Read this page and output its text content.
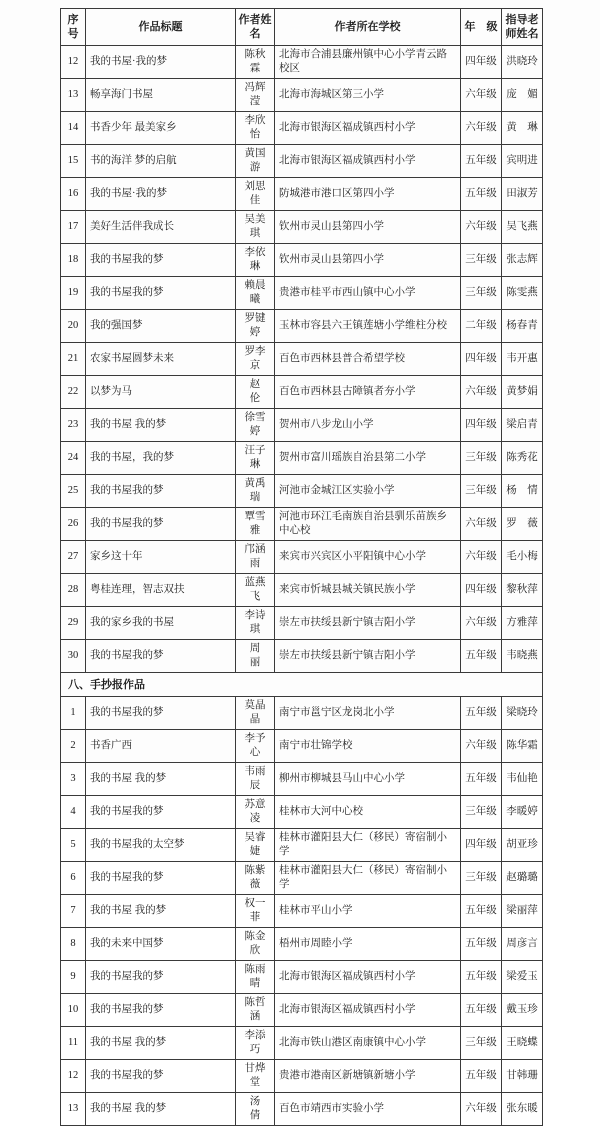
序号	作品标题	作者姓名	作者所在学校	年　级	指导老师姓名
12	我的书屋·我的梦	陈秋霖	北海市合浦县廉州镇中心小学青云路校区	四年级	洪晓玲
13	畅享海门书屋	冯辉滢	北海市海城区第三小学	六年级	庞　媚
14	书香少年 最美家乡	李欣怡	北海市银海区福成镇西村小学	六年级	黄　琳
15	书的海洋 梦的启航	黄国游	北海市银海区福成镇西村小学	五年级	宾明进
16	我的书屋·我的梦	刘思佳	防城港市港口区第四小学	五年级	田淑芳
17	美好生活伴我成长	吴美琪	钦州市灵山县第四小学	六年级	吴飞燕
18	我的书屋我的梦	李依琳	钦州市灵山县第四小学	三年级	张志辉
19	我的书屋我的梦	赖晨曦	贵港市桂平市西山镇中心小学	三年级	陈雯燕
20	我的强国梦	罗键婷	玉林市容县六王镇莲塘小学维柱分校	二年级	杨春青
21	农家书屋圆梦未来	罗李京	百色市西林县普合希望学校	四年级	韦开惠
22	以梦为马	赵　伦	百色市西林县古障镇者夯小学	六年级	黄梦娟
23	我的书屋 我的梦	徐雪婷	贺州市八步龙山小学	四年级	梁启青
24	我的书屋，我的梦	汪子琳	贺州市富川瑶族自治县第二小学	三年级	陈秀花
25	我的书屋我的梦	黄禹瑞	河池市金城江区实验小学	三年级	杨　情
26	我的书屋我的梦	覃雪雅	河池市环江毛南族自治县驯乐苗族乡中心校	六年级	罗　薇
27	家乡这十年	邝涵雨	来宾市兴宾区小平阳镇中心小学	六年级	毛小梅
28	粤桂连理，智志双扶	蓝燕飞	来宾市忻城县城关镇民族小学	四年级	黎秋萍
29	我的家乡我的书屋	李诗琪	崇左市扶绥县新宁镇吉阳小学	六年级	方雅萍
30	我的书屋我的梦	周　丽	崇左市扶绥县新宁镇吉阳小学	五年级	韦晓燕
八、手抄报作品					
1	我的书屋我的梦	莫晶晶	南宁市邕宁区龙岗北小学	五年级	梁晓玲
2	书香广西	李予心	南宁市壮锦学校	六年级	陈华霜
3	我的书屋 我的梦	韦雨辰	柳州市柳城县马山中心小学	五年级	韦仙艳
4	我的书屋我的梦	苏意凌	桂林市大河中心校	三年级	李暖婷
5	我的书屋我的太空梦	吴睿婕	桂林市灌阳县大仁（移民）寄宿制小学	四年级	胡亚珍
6	我的书屋我的梦	陈紫薇	桂林市灌阳县大仁（移民）寄宿制小学	三年级	赵璐璐
7	我的书屋 我的梦	权一菲	桂林市平山小学	五年级	梁丽萍
8	我的未来中国梦	陈金欣	梧州市周睦小学	五年级	周彦言
9	我的书屋我的梦	陈雨晴	北海市银海区福成镇西村小学	五年级	梁爱玉
10	我的书屋我的梦	陈哲涵	北海市银海区福成镇西村小学	五年级	戴玉珍
11	我的书屋 我的梦	李添巧	北海市铁山港区南康镇中心小学	三年级	王晓蝶
12	我的书屋我的梦	甘烨堂	贵港市港南区新塘镇新塘小学	五年级	甘韩珊
13	我的书屋 我的梦	汤　倩	百色市靖西市实验小学	六年级	张东暖
